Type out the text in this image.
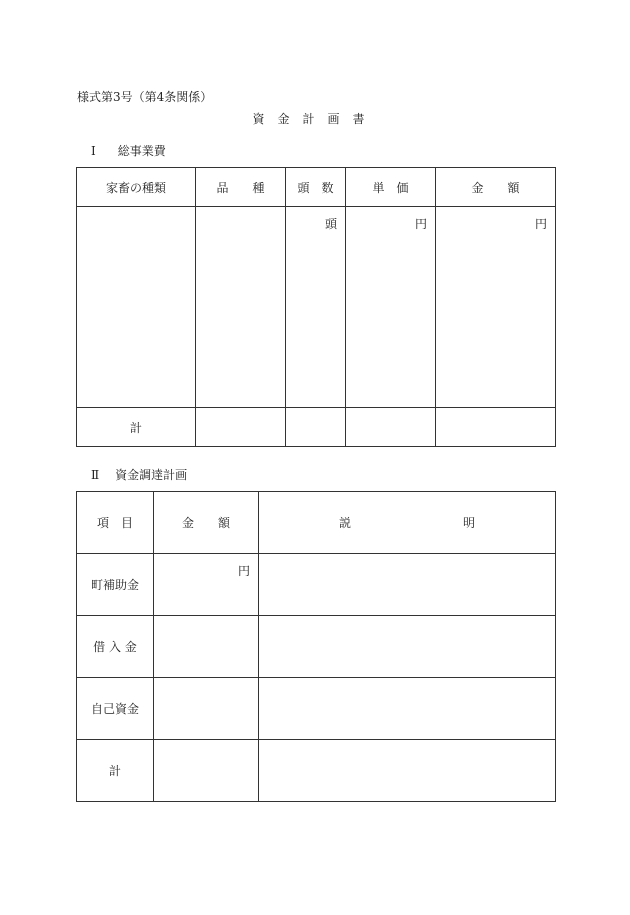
様式第3号（第4条関係）
資金計画書
Ⅰ 総事業費
家畜の種類	品　　種	頭　数	単　価	金　　額

		頭	円	円

計				
Ⅱ 資金調達計画
項　目	金　　額	説 明

町補助金	円	

借 入 金		
自己資金		
計		
